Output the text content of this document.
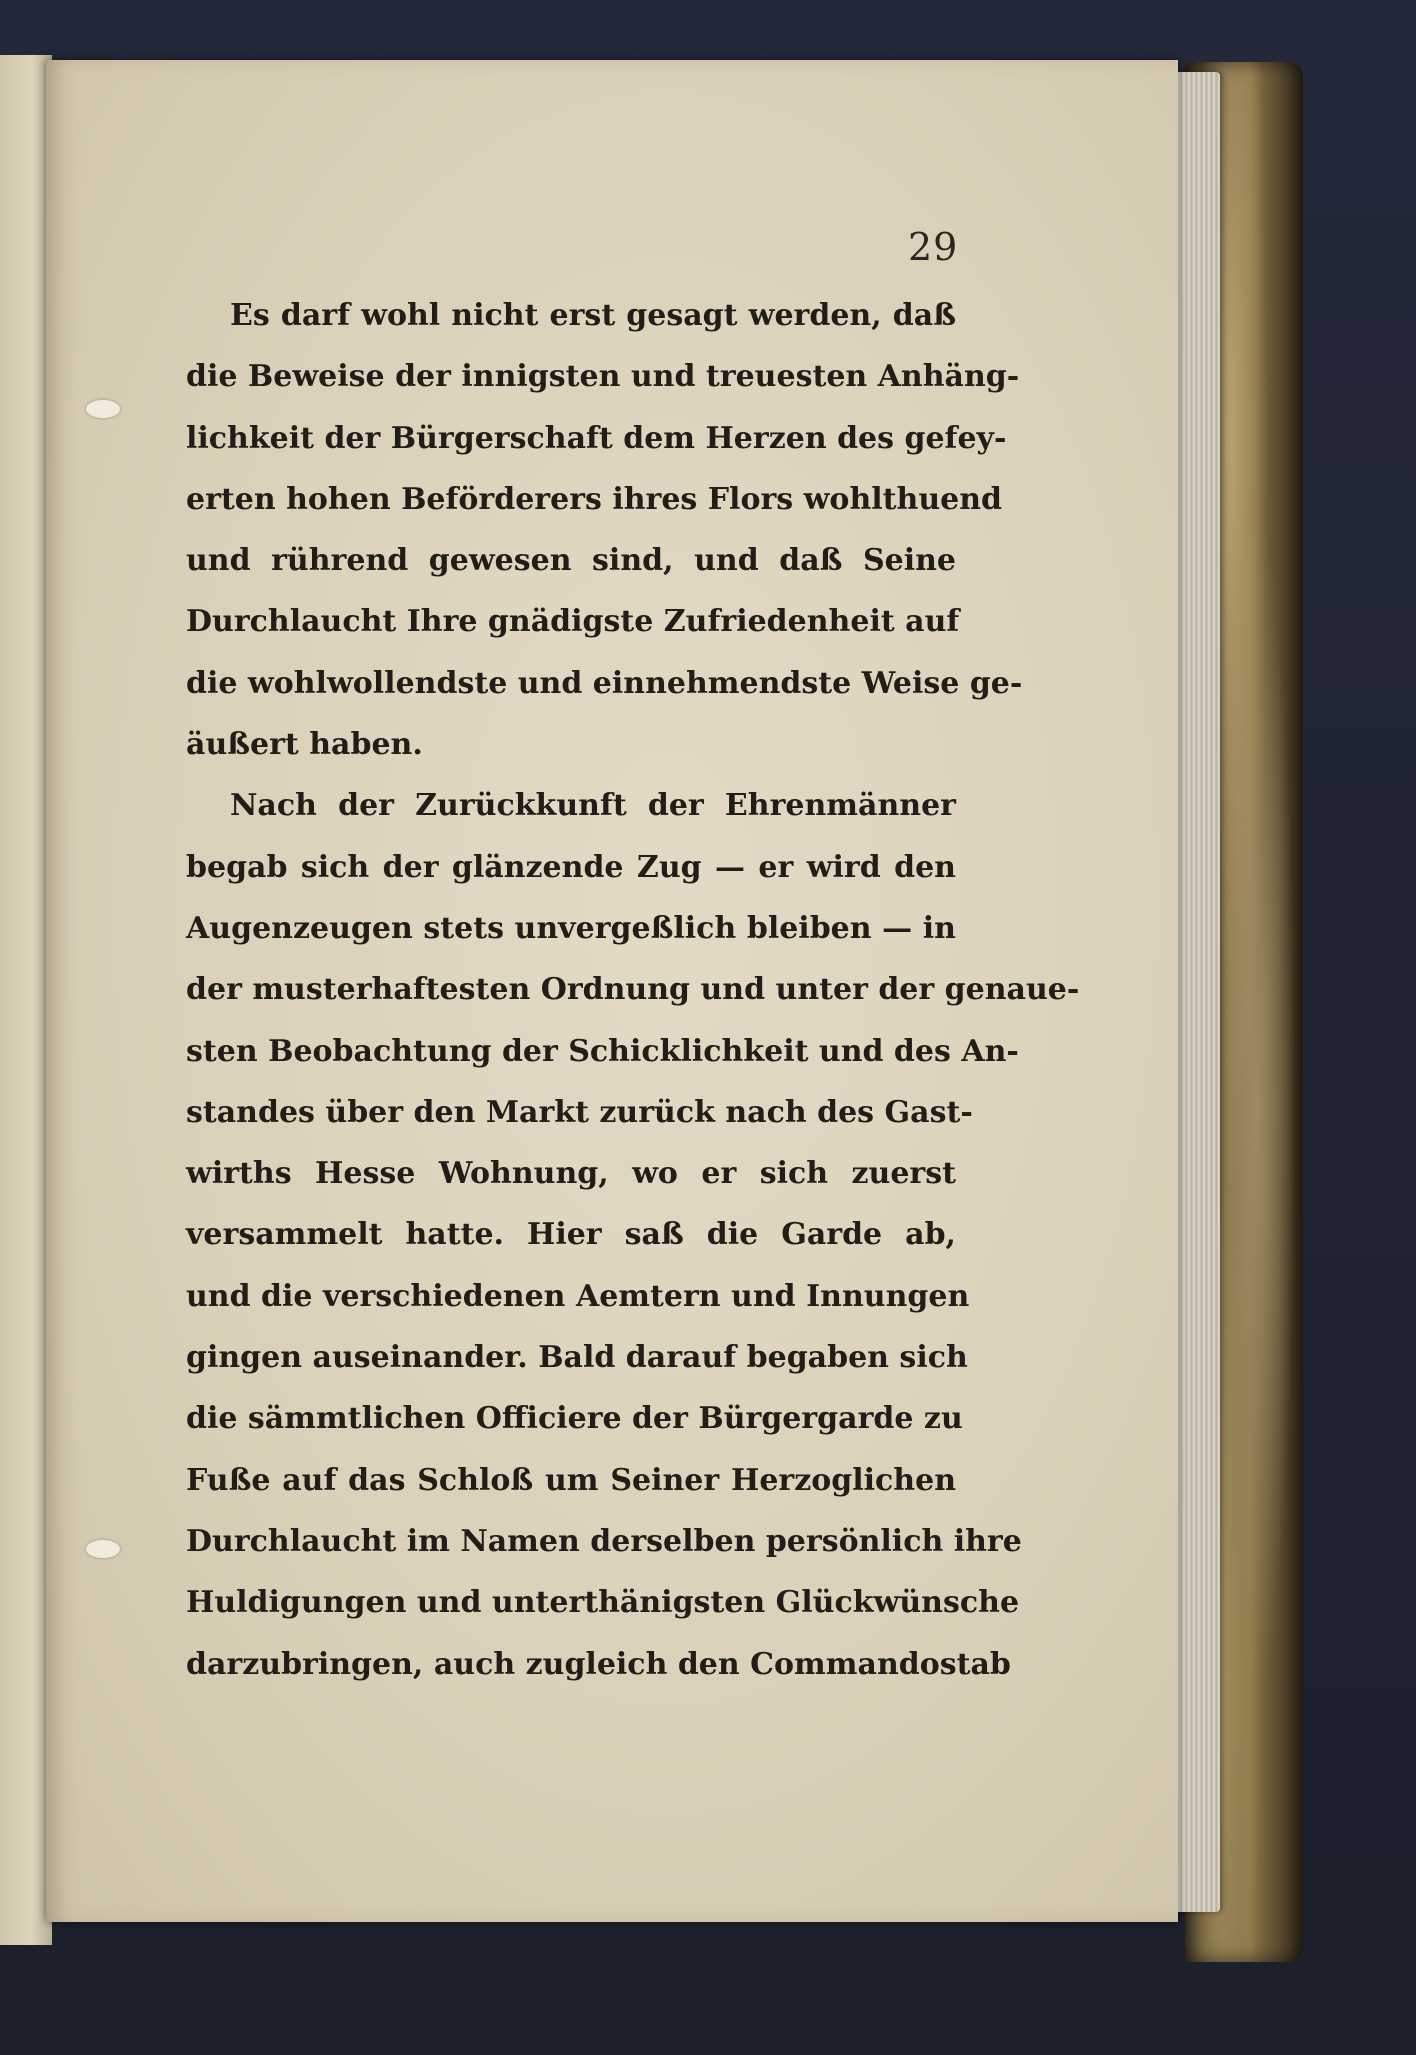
29
Es darf wohl nicht erst gesagt werden, daß
die Beweise der innigsten und treuesten Anhäng-
lichkeit der Bürgerschaft dem Herzen des gefey-
erten hohen Beförderers ihres Flors wohlthuend
und rührend gewesen sind, und daß Seine
Durchlaucht Ihre gnädigste Zufriedenheit auf
die wohlwollendste und einnehmendste Weise ge-
äußert haben.
Nach der Zurückkunft der Ehrenmänner
begab sich der glänzende Zug — er wird den
Augenzeugen stets unvergeßlich bleiben — in
der musterhaftesten Ordnung und unter der genaue-
sten Beobachtung der Schicklichkeit und des An-
standes über den Markt zurück nach des Gast-
wirths Hesse Wohnung, wo er sich zuerst
versammelt hatte. Hier saß die Garde ab,
und die verschiedenen Aemtern und Innungen
gingen auseinander. Bald darauf begaben sich
die sämmtlichen Officiere der Bürgergarde zu
Fuße auf das Schloß um Seiner Herzoglichen
Durchlaucht im Namen derselben persönlich ihre
Huldigungen und unterthänigsten Glückwünsche
darzubringen, auch zugleich den Commandostab
